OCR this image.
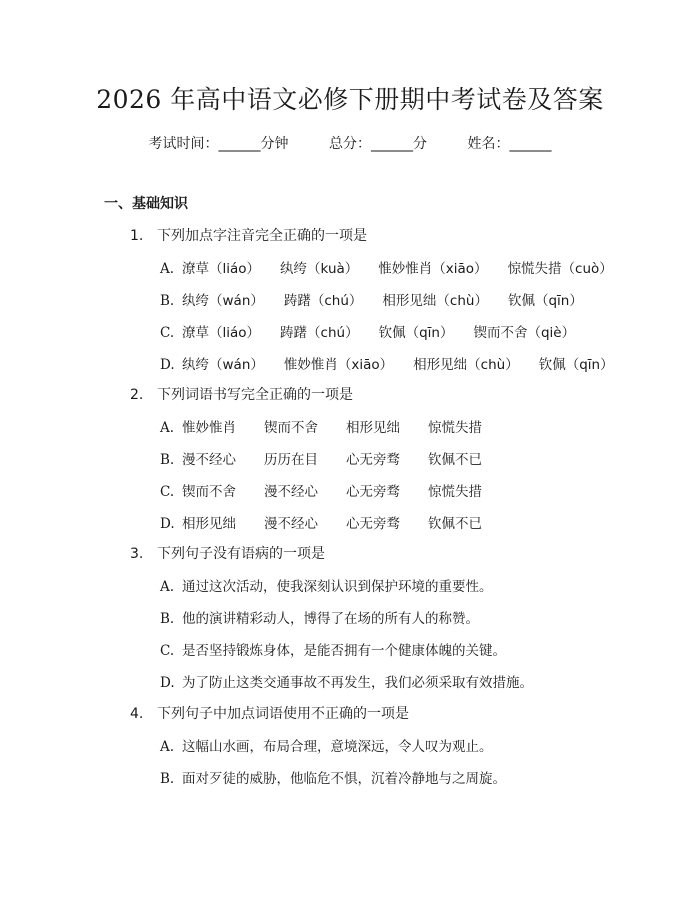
2026 年高中语文必修下册期中考试卷及答案
考试时间：______分钟	总分：______分	姓名：______
一、基础知识
1. 下列加点字注音完全正确的一项是
A. 潦草（liáo） 纨绔（kuà） 惟妙惟肖（xiāo） 惊慌失措（cuò）
B. 纨绔（wán） 踌躇（chú） 相形见绌（chù） 钦佩（qīn）
C. 潦草（liáo） 踌躇（chú） 钦佩（qīn） 锲而不舍（qiè）
D. 纨绔（wán） 惟妙惟肖（xiāo） 相形见绌（chù） 钦佩（qīn）
2. 下列词语书写完全正确的一项是
A. 惟妙惟肖 锲而不舍 相形见绌 惊慌失措
B. 漫不经心 历历在目 心无旁骛 钦佩不已
C. 锲而不舍 漫不经心 心无旁骛 惊慌失措
D. 相形见绌 漫不经心 心无旁骛 钦佩不已
3. 下列句子没有语病的一项是
A. 通过这次活动，使我深刻认识到保护环境的重要性。
B. 他的演讲精彩动人，博得了在场的所有人的称赞。
C. 是否坚持锻炼身体，是能否拥有一个健康体魄的关键。
D. 为了防止这类交通事故不再发生，我们必须采取有效措施。
4. 下列句子中加点词语使用不正确的一项是
A. 这幅山水画，布局合理，意境深远，令人叹为观止。
B. 面对歹徒的威胁，他临危不惧，沉着冷静地与之周旋。
